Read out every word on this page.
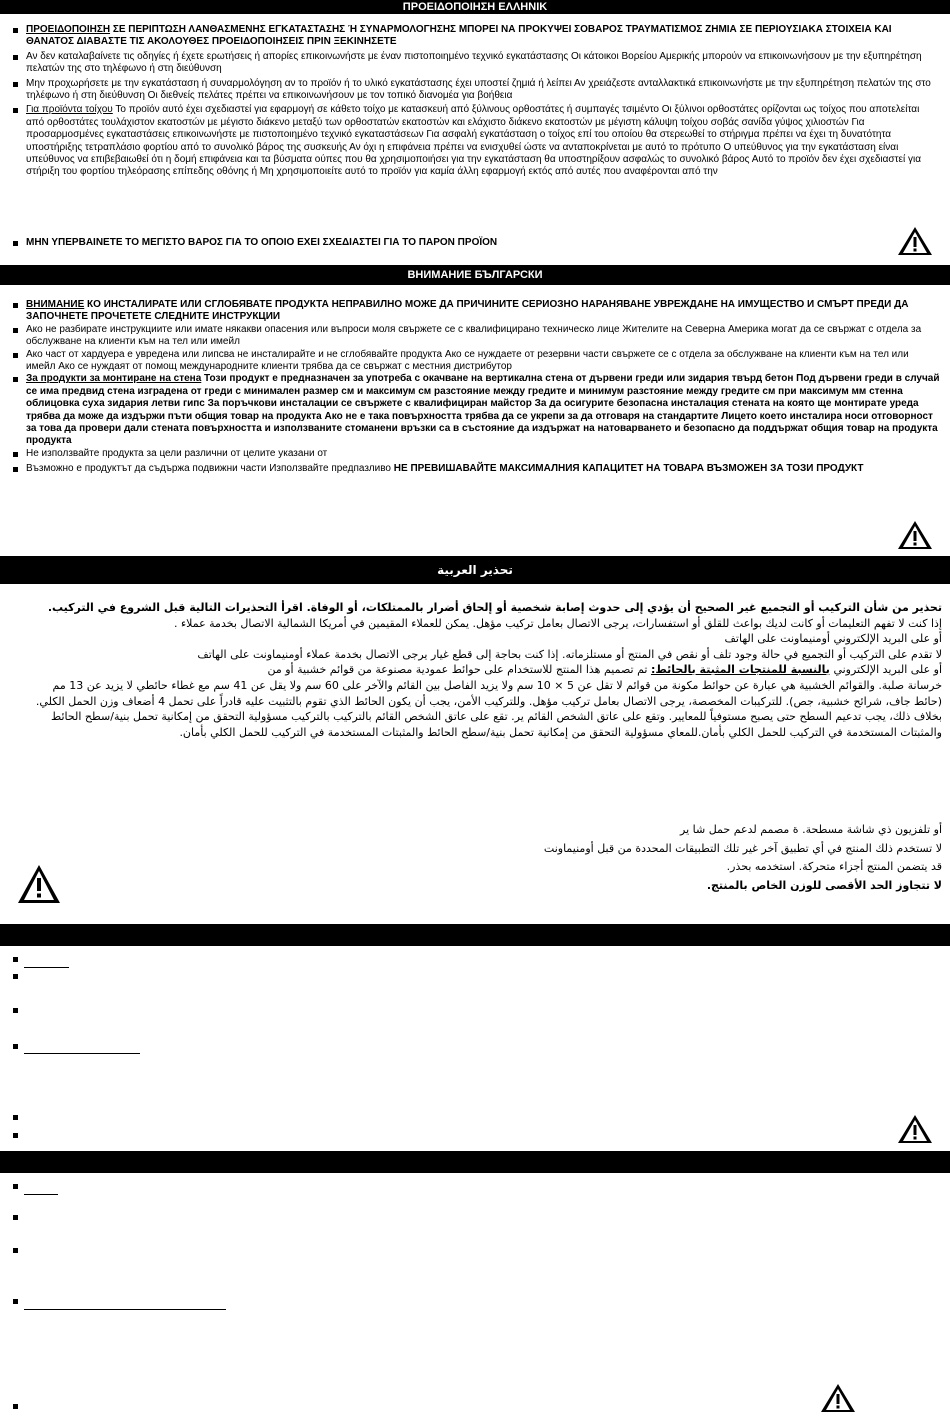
ΠΡΟΕΙΔΟΠΟΙΗΣΗ ΕΛΛΗΝΙΚ
ΠΡΟΕΙΔΟΠΟΙΗΣΗ ΣΕ ΠΕΡΙΠΤΩΣΗ ΛΑΝΘΑΣΜΕΝΗΣ ΕΓΚΑΤΑΣΤΑΣΗΣ Ή ΣΥΝΑΡΜΟΛΟΓΗΣΗΣ ΜΠΟΡΕΙ ΝΑ ΠΡΟΚΥΨΕΙ ΣΟΒΑΡΟΣ ΤΡΑΥΜΑΤΙΣΜΟΣ ΖΗΜΙΑ ΣΕ ΠΕΡΙΟΥΣΙΑΚΑ ΣΤΟΙΧΕΙΑ ΚΑΙ ΘΑΝΑΤΟΣ ΔΙΑΒΑΣΤΕ ΤΙΣ ΑΚΟΛΟΥΘΕΣ ΠΡΟΕΙΔΟΠΟΙΗΣΕΙΣ ΠΡΙΝ ΞΕΚΙΝΗΣΕΤΕ
Αν δεν καταλαβαίνετε τις οδηγίες ή έχετε ερωτήσεις ή απορίες επικοινωνήστε με έναν πιστοποιημένο τεχνικό εγκατάστασης Οι κάτοικοι Βορείου Αμερικής μπορούν να επικοινωνήσουν με την εξυπηρέτηση πελατών της στο τηλέφωνο ή στη διεύθυνση
Μην προχωρήσετε με την εγκατάσταση ή συναρμολόγηση αν το προϊόν ή το υλικό εγκατάστασης έχει υποστεί ζημιά ή λείπει Αν χρειάζεστε ανταλλακτικά επικοινωνήστε με την εξυπηρέτηση πελατών της στο τηλέφωνο ή στη διεύθυνση Οι διεθνείς πελάτες πρέπει να επικοινωνήσουν με τον τοπικό διανομέα για βοήθεια
Για προϊόντα τοίχου Το προϊόν αυτό έχει σχεδιαστεί για εφαρμογή σε κάθετο τοίχο με κατασκευή από ξύλινους ορθοστάτες ή συμπαγές τσιμέντο Οι ξύλινοι ορθοστάτες ορίζονται ως τοίχος που αποτελείται από ορθοστάτες τουλάχιστον εκατοστών με μέγιστο διάκενο μεταξύ των ορθοστατών εκατοστών και ελάχιστο διάκενο εκατοστών με μέγιστη κάλυψη τοίχου σοβάς σανίδα γύψος χιλιοστών Για προσαρμοσμένες εγκαταστάσεις επικοινωνήστε με πιστοποιημένο τεχνικό εγκαταστάσεων Για ασφαλή εγκατάσταση ο τοίχος επί του οποίου θα στερεωθεί το στήριγμα πρέπει να έχει τη δυνατότητα υποστήριξης τετραπλάσιο φορτίου από το συνολικό βάρος της συσκευής Αν όχι η επιφάνεια πρέπει να ενισχυθεί ώστε να ανταποκρίνεται με αυτό το πρότυπο Ο υπεύθυνος για την εγκατάσταση είναι υπεύθυνος να επιβεβαιωθεί ότι η δομή επιφάνεια και τα βύσματα ούπες που θα χρησιμοποιήσει για την εγκατάσταση θα υποστηρίξουν ασφαλώς το συνολικό βάρος Αυτό το προϊόν δεν έχει σχεδιαστεί για στήριξη του φορτίου τηλεόρασης επίπεδης οθόνης ή Μη χρησιμοποιείτε αυτό το προϊόν για καμία άλλη εφαρμογή εκτός από αυτές που αναφέρονται από την
ΜΗΝ ΥΠΕΡΒΑΙΝΕΤΕ ΤΟ ΜΕΓΙΣΤΟ ΒΑΡΟΣ ΓΙΑ ΤΟ ΟΠΟΙΟ ΕΧΕΙ ΣΧΕΔΙΑΣΤΕΙ ΓΙΑ ΤΟ ΠΑΡΟΝ ΠΡΟΪΟΝ
ВНИМАНИЕ БЪЛГАРСКИ
ВНИМАНИЕ КО ИНСТАЛИРАТЕ ИЛИ СГЛОБЯВАТЕ ПРОДУКТА НЕПРАВИЛНО МОЖЕ ДА ПРИЧИНИТЕ СЕРИОЗНО НАРАНЯВАНЕ УВРЕЖДАНЕ НА ИМУЩЕСТВО И СМЪРТ ПРЕДИ ДА ЗАПОЧНЕТЕ ПРОЧЕТЕТЕ СЛЕДНИТЕ ИНСТРУКЦИИ
Ако не разбирате инструкциите или имате някакви опасения или въпроси моля свържете се с квалифицирано техническо лице Жителите на Северна Америка могат да се свържат с отдела за обслужване на клиенти към на тел или имейл
Ако част от хардуера е увредена или липсва не инсталирайте и не сглобявайте продукта Ако се нуждаете от резервни части свържете се с отдела за обслужване на клиенти към на тел или имейл Ако се нуждаят от помощ международните клиенти трябва да се свържат с местния дистрибутор
За продукти за монтиране на стена Този продукт е предназначен за употреба с окачване на вертикална стена от дървени греди или зидария твърд бетон Под дървени греди в случай се има предвид стена изградена от греди с минимален размер см и максимум см разстояние между гредите и минимум разстояние между гредите см при максимум мм стенна облицовка суха зидария летви гипс За поръчкови инсталации се свържете с квалифициран майстор За да осигурите безопасна инсталация стената на която ще монтирате уреда трябва да може да издържи пъти общия товар на продукта Ако не е така повърхността трябва да се укрепи за да отговаря на стандартите Лицето което инсталира носи отговорност за това да провери дали стената повърхността и използваните стоманени връзки са в състояние да издържат на натоварването и безопасно да поддържат общия товар на продукта продукта
Не използвайте продукта за цели различни от целите указани от
Възможно е продуктът да съдържа подвижни части Използвайте предпазливо НЕ ПРЕВИШАВАЙТЕ МАКСИМАЛНИЯ КАПАЦИТЕТ НА ТОВАРА ВЪЗМОЖЕН ЗА ТОЗИ ПРОДУКТ
تحذير العربية

تحذير من شأن التركيب أو التجميع غير الصحيح أن يؤدي إلى حدوث إصابة شخصية أو إلحاق أضرار بالممتلكات، أو الوفاة. اقرأ التحذيرات التالية قبل الشروع في التركيب.

إذا كنت لا تفهم التعليمات أو كانت لديك بواعث للقلق أو استفسارات، يرجى الاتصال بعامل تركيب مؤهل. يمكن للعملاء المقيمين في أمريكا الشمالية الاتصال بخدمة عملاء .

أو على البريد الإلكتروني أومنيماونت على الهاتف

لا تقدم على التركيب أو التجميع في حالة وجود تلف أو نقص في المنتج أو مستلزماته. إذا كنت بحاجة إلى قطع غيار يرجى الاتصال بخدمة عملاء أومنيماونت على الهاتف

أو على البريد الإلكتروني بالنسبة للمنتجات المثبتة بالحائط: تم تصميم هذا المنتج للاستخدام على حوائط عمودية مصنوعة من قوائم خشبية أو من

خرسانة صلبة. والقوائم الخشبية هي عبارة عن حوائط مكونة من قوائم لا تقل عن 5 × 10 سم ولا يزيد الفاصل بين القائم والآخر على 60 سم ولا يقل عن 41 سم مع غطاء حائطي لا يزيد عن 13 مم (حائط جاف، شرائح خشبية، جص). للتركيبات المخصصة، يرجى الاتصال بعامل تركيب مؤهل. وللتركيب الأمن، يجب أن يكون الحائط الذي تقوم بالتثبيت عليه قادراً على تحمل 4 أضعاف وزن الحمل الكلي. بخلاف ذلك، يجب تدعيم السطح حتى يصبح مستوفياً للمعايير. وتقع على عاتق الشخص القائم ير. تقع على عاتق الشخص القائم بالتركيب بالتركيب مسؤولية التحقق من إمكانية تحمل بنية/سطح الحائط والمثبتات المستخدمة في التركيب للحمل الكلي بأمان.للمعاي مسؤولية التحقق من إمكانية تحمل بنية/سطح الحائط والمثبتات المستخدمة في التركيب للحمل الكلي بأمان.

أو تلفزيون ذي شاشة مسطحة. ة مصمم لدعم حمل شا ير

لا تستخدم ذلك المنتج في أي تطبيق آخر غير تلك التطبيقات المحددة من قبل أومنيماونت

قد يتضمن المنتج أجزاء متحركة. استخدمه بحذر.

لا تتجاوز الحد الأقصى للوزن الخاص بالمنتج.
